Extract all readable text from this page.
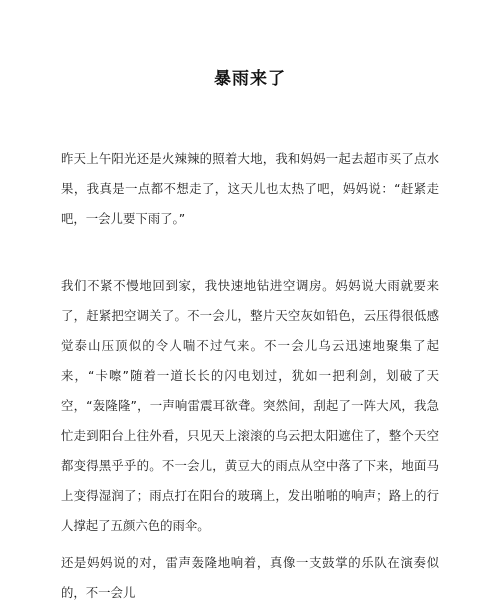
暴雨来了

昨天上午阳光还是火辣辣的照着大地，我和妈妈一起去超市买了点水果，我真是一点都不想走了，这天儿也太热了吧，妈妈说：“赶紧走吧，一会儿要下雨了。”

我们不紧不慢地回到家，我快速地钻进空调房。妈妈说大雨就要来了，赶紧把空调关了。不一会儿，整片天空灰如铅色，云压得很低感觉泰山压顶似的令人喘不过气来。不一会儿乌云迅速地聚集了起来，“卡嚓”随着一道长长的闪电划过，犹如一把利剑，划破了天空，“轰隆隆”，一声响雷震耳欲聋。突然间，刮起了一阵大风，我急忙走到阳台上往外看，只见天上滚滚的乌云把太阳遮住了，整个天空都变得黑乎乎的。不一会儿，黄豆大的雨点从空中落了下来，地面马上变得湿润了；雨点打在阳台的玻璃上，发出啪啪的响声；路上的行人撑起了五颜六色的雨伞。

还是妈妈说的对，雷声轰隆地响着，真像一支鼓掌的乐队在演奏似的，不一会儿
